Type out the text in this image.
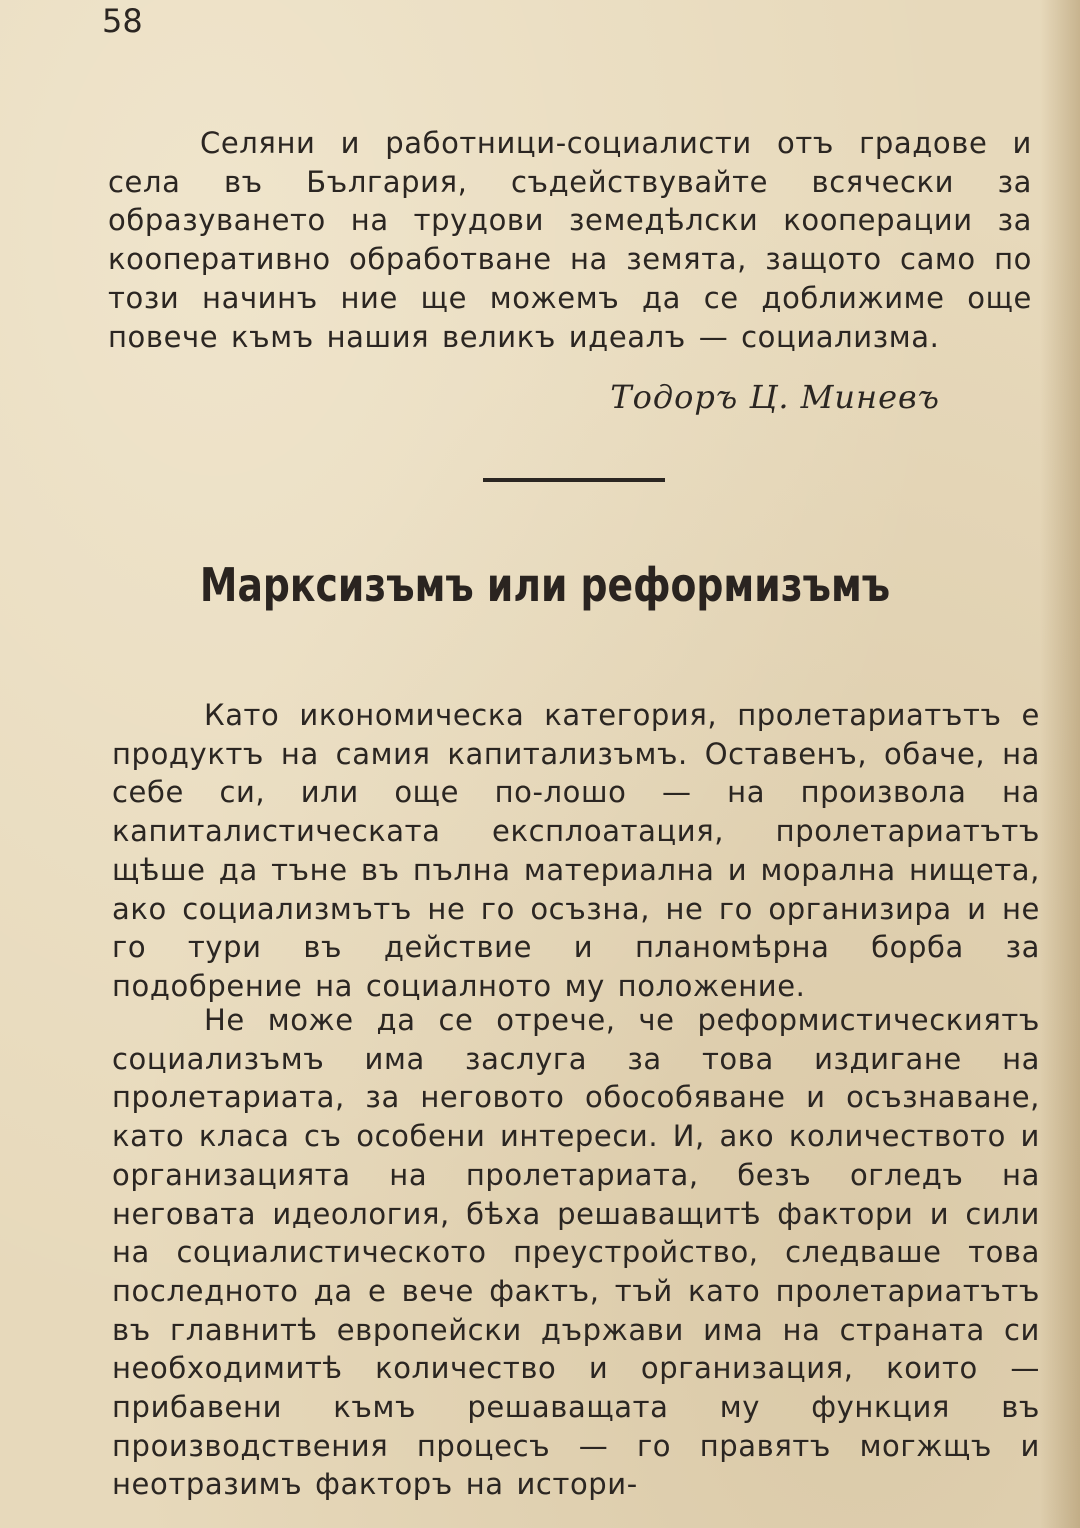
58

Селяни и работници-социалисти отъ градове и села въ България, съдействувайте всячески за образуването на трудови земедѣлски кооперации за кооперативно обработване на земята, защото само по този начинъ ние ще можемъ да се доближиме още повече къмъ нашия великъ идеалъ — социализма.

Тодоръ Ц. Миневъ
Марксизъмъ или реформизъмъ

Като икономическа категория, пролетариатътъ е продуктъ на самия капитализъмъ. Оставенъ, обаче, на себе си, или още по-лошо — на произвола на капиталистическата експлоатация, пролетариатътъ щѣше да тъне въ пълна материална и морална нищета, ако социализмътъ не го осъзна, не го организира и не го тури въ действие и планомѣрна борба за подобрение на социалното му положение.

Не може да се отрече, че реформистическиятъ социализъмъ има заслуга за това издигане на пролетариата, за неговото обособяване и осъзнаване, като класа съ особени интереси. И, ако количеството и организацията на пролетариата, безъ огледъ на неговата идеология, бѣха решаващитѣ фактори и сили на социалистическото преустройство, следваше това последното да е вече фактъ, тъй като пролетариатътъ въ главнитѣ европейски държави има на страната си необходимитѣ количество и организация, които — прибавени къмъ решаващата му функция въ производствения процесъ — го правятъ могжщъ и неотразимъ факторъ на истори-
